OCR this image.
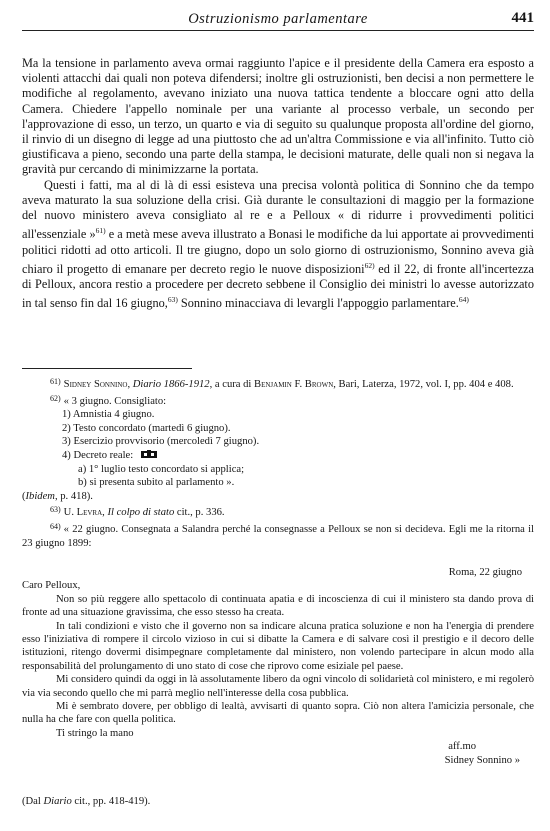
Ostruzionismo parlamentare	441

Ma la tensione in parlamento aveva ormai raggiunto l'apice e il presidente della Camera era esposto a violenti attacchi dai quali non poteva difendersi; inoltre gli ostruzionisti, ben decisi a non permettere le modifiche al regolamento, avevano iniziato una nuova tattica tendente a bloccare ogni atto della Camera. Chiedere l'appello nominale per una variante al processo verbale, un secondo per l'approvazione di esso, un terzo, un quarto e via di seguito su qualunque proposta all'ordine del giorno, il rinvio di un disegno di legge ad una piuttosto che ad un'altra Commissione e via all'infinito. Tutto ciò giustificava a pieno, secondo una parte della stampa, le decisioni maturate, delle quali non si negava la gravità pur cercando di minimizzarne la portata.

Questi i fatti, ma al di là di essi esisteva una precisa volontà politica di Sonnino che da tempo aveva maturato la sua soluzione della crisi. Già durante le consultazioni di maggio per la formazione del nuovo ministero aveva consigliato al re e a Pelloux « di ridurre i provvedimenti politici all'essenziale »$^{61)}$ e a metà mese aveva illustrato a Bonasi le modifiche da lui apportate ai provvedimenti politici ridotti ad otto articoli. Il tre giugno, dopo un solo giorno di ostruzionismo, Sonnino aveva già chiaro il progetto di emanare per decreto regio le nuove disposizioni$^{62)}$ ed il 22, di fronte all'incertezza di Pelloux, ancora restio a procedere per decreto sebbene il Consiglio dei ministri lo avesse autorizzato in tal senso fin dal 16 giugno,$^{63)}$ Sonnino minacciava di levargli l'appoggio parlamentare.$^{64)}$

$^{61)}$ Sidney Sonnino, Diario 1866-1912, a cura di Benjamin F. Brown, Bari, Laterza, 1972, vol. I, pp. 404 e 408.

$^{62)}$ « 3 giugno. Consigliato:

1) Amnistia 4 giugno.
2) Testo concordato (martedì 6 giugno).
3) Esercizio provvisorio (mercoledì 7 giugno).
4) Decreto reale:
a) 1° luglio testo concordato si applica;
b) si presenta subito al parlamento ».

(Ibidem, p. 418).

$^{63)}$ U. Levra, Il colpo di stato cit., p. 336.

$^{64)}$ « 22 giugno. Consegnata a Salandra perché la consegnasse a Pelloux se non si decideva. Egli me la ritorna il 23 giugno 1899:

Roma, 22 giugno

Caro Pelloux,

Non so più reggere allo spettacolo di continuata apatia e di incoscienza di cui il ministero sta dando prova di fronte ad una situazione gravissima, che esso stesso ha creata.

In tali condizioni e visto che il governo non sa indicare alcuna pratica soluzione e non ha l'energia di prendere esso l'iniziativa di rompere il circolo vizioso in cui si dibatte la Camera e di salvare così il prestigio e il decoro delle istituzioni, ritengo dovermi disimpegnare completamente dal ministero, non volendo partecipare in alcun modo alla responsabilità del prolungamento di uno stato di cose che riprovo come esiziale pel paese.

Mi considero quindi da oggi in là assolutamente libero da ogni vincolo di solidarietà col ministero, e mi regolerò via via secondo quello che mi parrà meglio nell'interesse della cosa pubblica.

Mi è sembrato dovere, per obbligo di lealtà, avvisarti di quanto sopra. Ciò non altera l'amicizia personale, che nulla ha che fare con quella politica.

Ti stringo la mano

aff.mo

Sidney Sonnino »

(Dal Diario cit., pp. 418-419).
